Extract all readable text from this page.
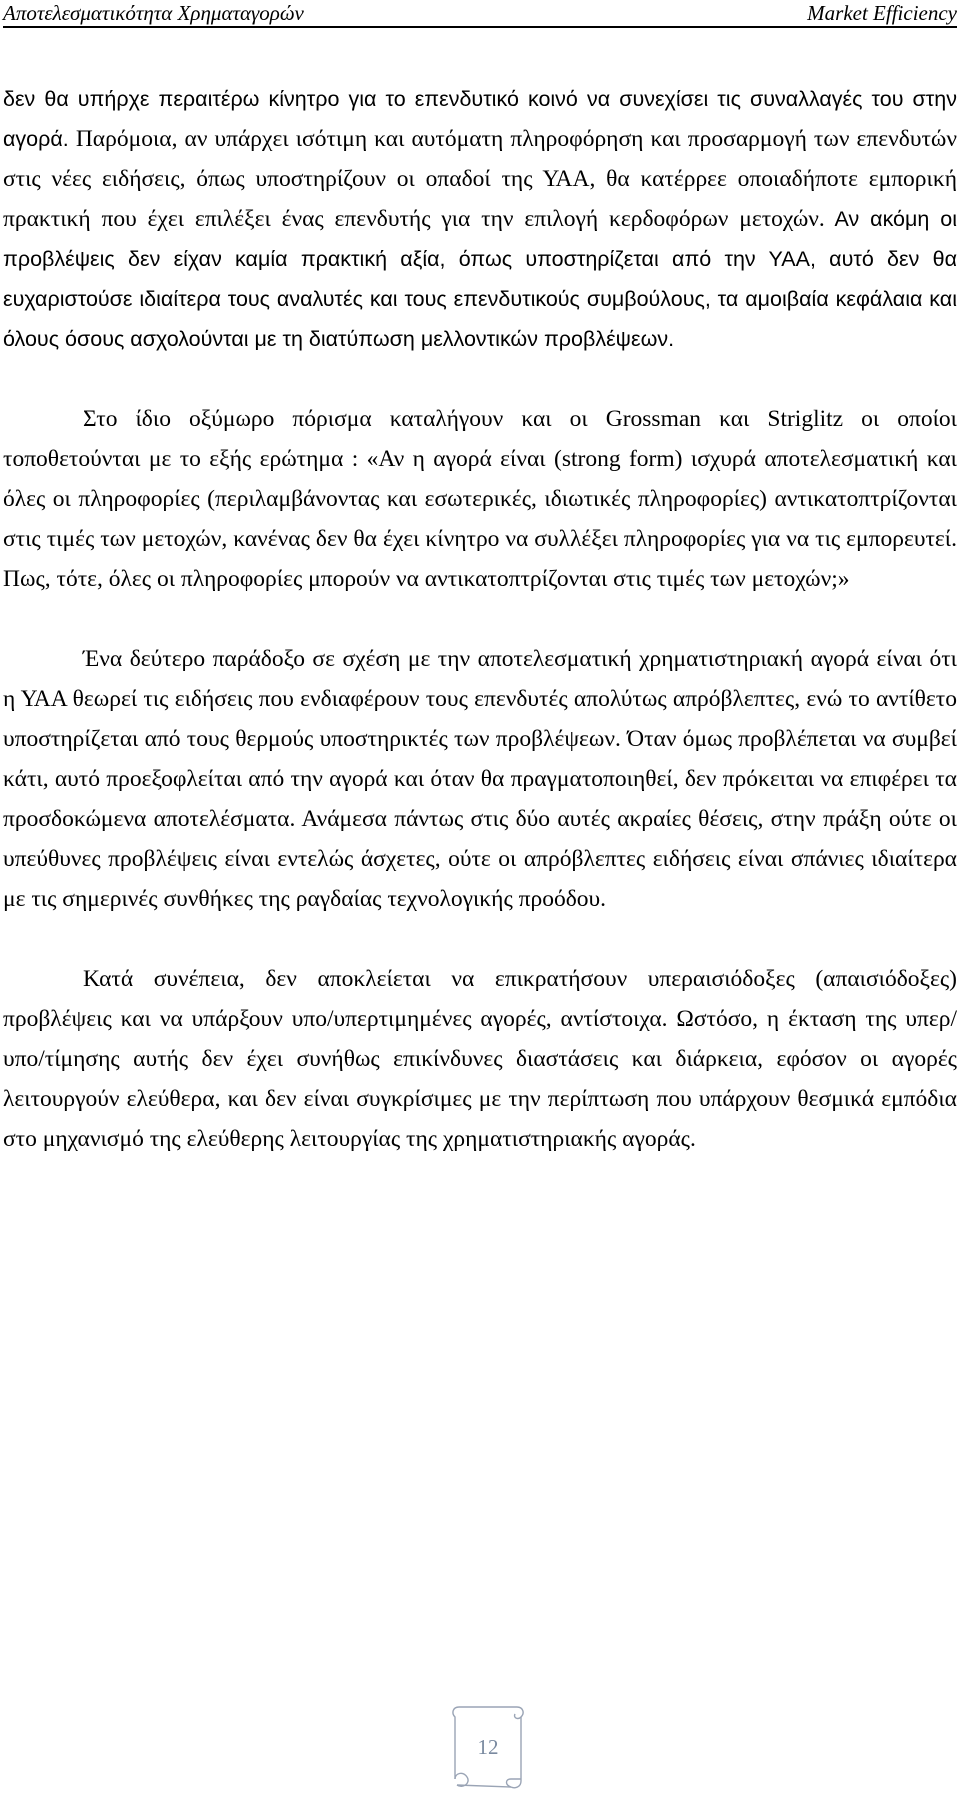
Αποτελεσματικότητα Χρηματαγορών	Market Efficiency

δεν θα υπήρχε περαιτέρω κίνητρο για το επενδυτικό κοινό να συνεχίσει τις συναλλαγές του στην αγορά. Παρόμοια, αν υπάρχει ισότιμη και αυτόματη πληροφόρηση και προσαρμογή των επενδυτών στις νέες ειδήσεις, όπως υποστηρίζουν οι οπαδοί της ΥΑΑ, θα κατέρρεε οποιαδήποτε εμπορική πρακτική που έχει επιλέξει ένας επενδυτής για την επιλογή κερδοφόρων μετοχών. Αν ακόμη οι προβλέψεις δεν είχαν καμία πρακτική αξία, όπως υποστηρίζεται από την ΥΑΑ, αυτό δεν θα ευχαριστούσε ιδιαίτερα τους αναλυτές και τους επενδυτικούς συμβούλους, τα αμοιβαία κεφάλαια και όλους όσους ασχολούνται με τη διατύπωση μελλοντικών προβλέψεων.

Στο ίδιο οξύμωρο πόρισμα καταλήγουν και οι Grossman και Striglitz οι οποίοι τοποθετούνται με το εξής ερώτημα : «Αν η αγορά είναι (strong form) ισχυρά αποτελεσματική και όλες οι πληροφορίες (περιλαμβάνοντας και εσωτερικές, ιδιωτικές πληροφορίες) αντικατοπτρίζονται στις τιμές των μετοχών, κανένας δεν θα έχει κίνητρο να συλλέξει πληροφορίες για να τις εμπορευτεί. Πως, τότε, όλες οι πληροφορίες μπορούν να αντικατοπτρίζονται στις τιμές των μετοχών;»

Ένα δεύτερο παράδοξο σε σχέση με την αποτελεσματική χρηματιστηριακή αγορά είναι ότι η ΥΑΑ θεωρεί τις ειδήσεις που ενδιαφέρουν τους επενδυτές απολύτως απρόβλεπτες, ενώ το αντίθετο υποστηρίζεται από τους θερμούς υποστηρικτές των προβλέψεων. Όταν όμως προβλέπεται να συμβεί κάτι, αυτό προεξοφλείται από την αγορά και όταν θα πραγματοποιηθεί, δεν πρόκειται να επιφέρει τα προσδοκώμενα αποτελέσματα. Ανάμεσα πάντως στις δύο αυτές ακραίες θέσεις, στην πράξη ούτε οι υπεύθυνες προβλέψεις είναι εντελώς άσχετες, ούτε οι απρόβλεπτες ειδήσεις είναι σπάνιες ιδιαίτερα με τις σημερινές συνθήκες της ραγδαίας τεχνολογικής προόδου.

Κατά συνέπεια, δεν αποκλείεται να επικρατήσουν υπεραισιόδοξες (απαισιόδοξες) προβλέψεις και να υπάρξουν υπο/υπερτιμημένες αγορές, αντίστοιχα. Ωστόσο, η έκταση της υπερ/υπο/τίμησης αυτής δεν έχει συνήθως επικίνδυνες διαστάσεις και διάρκεια, εφόσον οι αγορές λειτουργούν ελεύθερα, και δεν είναι συγκρίσιμες με την περίπτωση που υπάρχουν θεσμικά εμπόδια στο μηχανισμό της ελεύθερης λειτουργίας της χρηματιστηριακής αγοράς.

12
